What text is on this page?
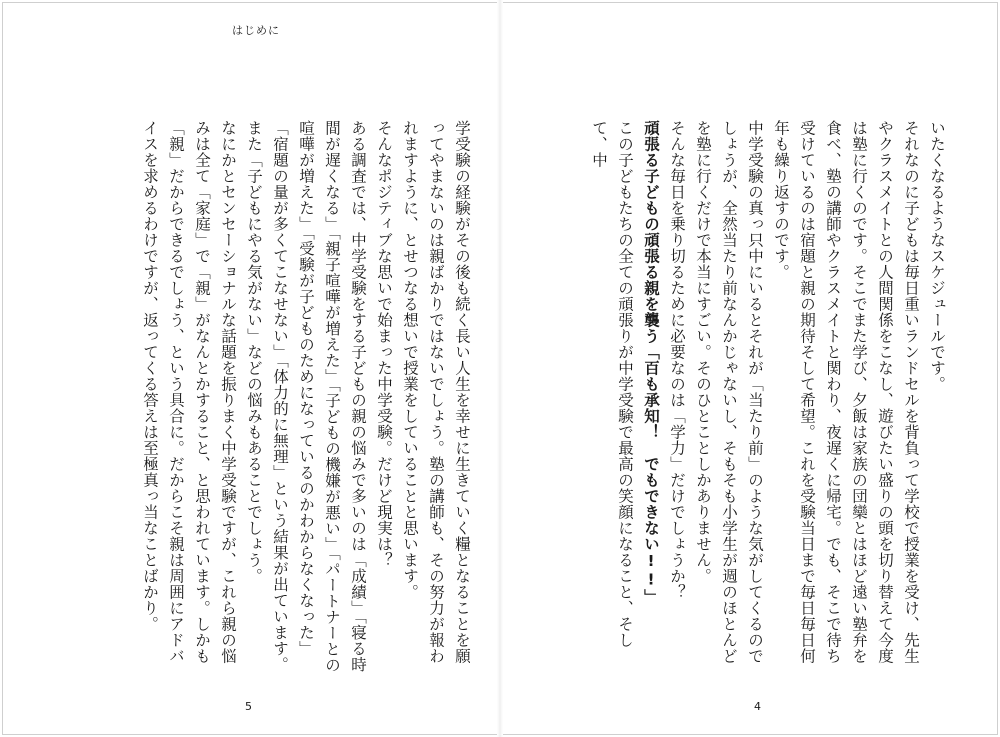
はじめに

学受験の経験がその後も続く長い人生を幸せに生きていく糧となることを願ってやまないのは親ばかりではないでしょう。塾の講師も、その努力が報われますように、とせつなる想いで授業をしていることと思います。

そんなポジティブな思いで始まった中学受験。だけど現実は？

ある調査では、中学受験をする子どもの親の悩みで多いのは「成績」「寝る時間が遅くなる」「親子喧嘩が増えた」「子どもの機嫌が悪い」「パートナーとの喧嘩が増えた」「受験が子どものためになっているのかわからなくなった」「宿題の量が多くてこなせない」「体力的に無理」という結果が出ています。また「子どもにやる気がない」などの悩みもあることでしょう。

なにかとセンセーショナルな話題を振りまく中学受験ですが、これら親の悩みは全て「家庭」で「親」がなんとかすること、と思われています。しかも「親」だからできるでしょう、という具合に。だからこそ親は周囲にアドバイスを求めるわけですが、返ってくる答えは至極真っ当なことばかり。

5

いたくなるようなスケジュールです。

それなのに子どもは毎日重いランドセルを背負って学校で授業を受け、先生やクラスメイトとの人間関係をこなし、遊びたい盛りの頭を切り替えて今度は塾に行くのです。そこでまた学び、夕飯は家族の団欒とはほど遠い塾弁を食べ、塾の講師やクラスメイトと関わり、夜遅くに帰宅。でも、そこで待ち受けているのは宿題と親の期待そして希望。これを受験当日まで毎日毎日何年も繰り返すのです。

中学受験の真っ只中にいるとそれが「当たり前」のような気がしてくるのでしょうが、全然当たり前なんかじゃないし、そもそも小学生が週のほとんどを塾に行くだけで本当にすごい。そのひとことしかありません。

そんな毎日を乗り切るために必要なのは「学力」だけでしょうか？

頑張る子どもの頑張る親を襲う「百も承知！　でもできない!!」

この子どもたちの全ての頑張りが中学受験で最高の笑顔になること、そして、中

4
